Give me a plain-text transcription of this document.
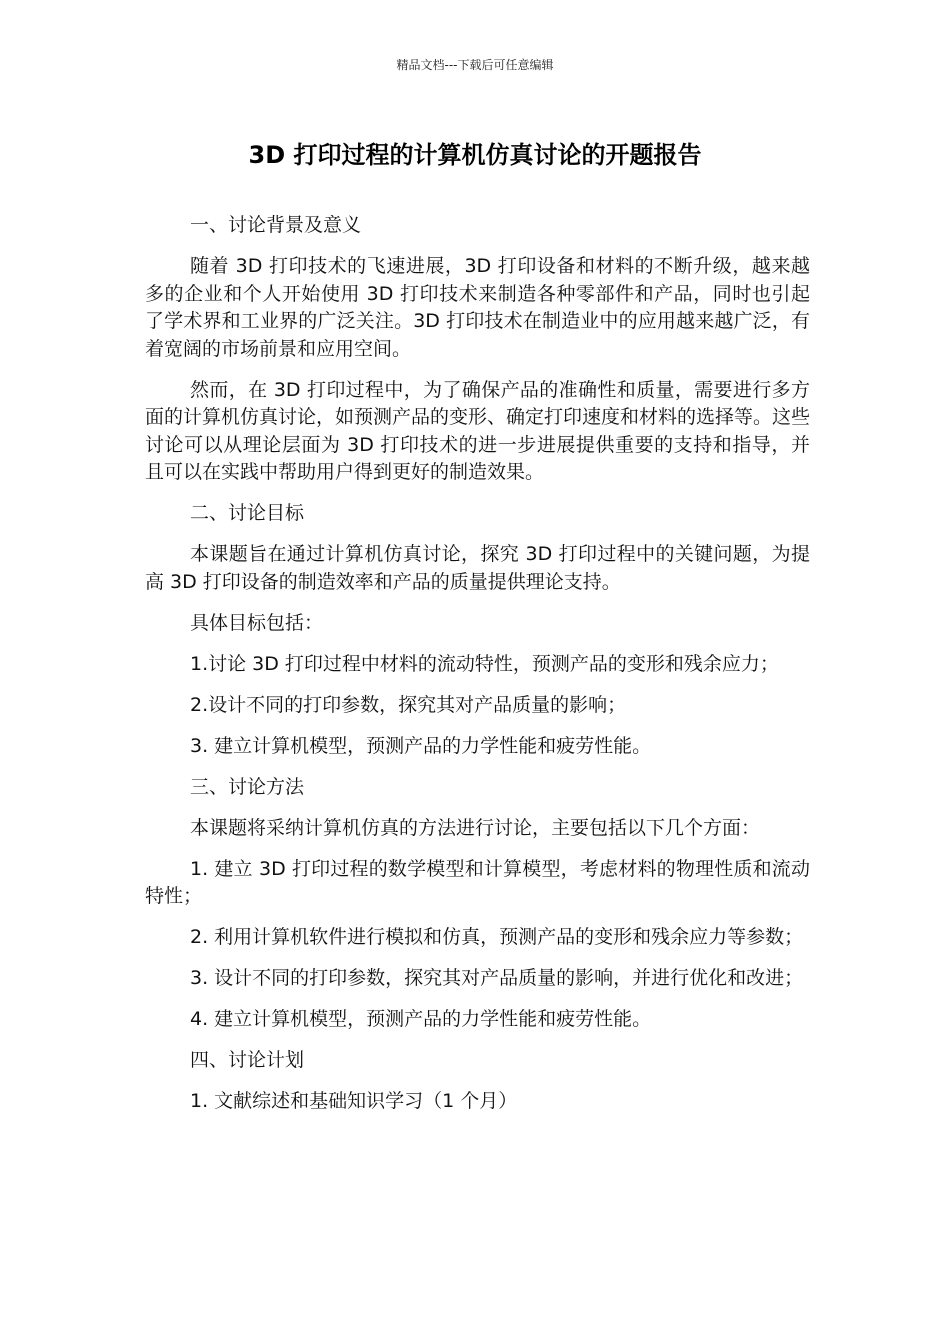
精品文档---下载后可任意编辑
3D 打印过程的计算机仿真讨论的开题报告

一、讨论背景及意义

随着 3D 打印技术的飞速进展，3D 打印设备和材料的不断升级，越来越多的企业和个人开始使用 3D 打印技术来制造各种零部件和产品，同时也引起了学术界和工业界的广泛关注。3D 打印技术在制造业中的应用越来越广泛，有着宽阔的市场前景和应用空间。

然而，在 3D 打印过程中，为了确保产品的准确性和质量，需要进行多方面的计算机仿真讨论，如预测产品的变形、确定打印速度和材料的选择等。这些讨论可以从理论层面为 3D 打印技术的进一步进展提供重要的支持和指导，并且可以在实践中帮助用户得到更好的制造效果。

二、讨论目标

本课题旨在通过计算机仿真讨论，探究 3D 打印过程中的关键问题，为提高 3D 打印设备的制造效率和产品的质量提供理论支持。

具体目标包括：

1.讨论 3D 打印过程中材料的流动特性，预测产品的变形和残余应力；

2.设计不同的打印参数，探究其对产品质量的影响；

3. 建立计算机模型，预测产品的力学性能和疲劳性能。

三、讨论方法

本课题将采纳计算机仿真的方法进行讨论，主要包括以下几个方面：

1. 建立 3D 打印过程的数学模型和计算模型，考虑材料的物理性质和流动特性；

2. 利用计算机软件进行模拟和仿真，预测产品的变形和残余应力等参数；

3. 设计不同的打印参数，探究其对产品质量的影响，并进行优化和改进；

4. 建立计算机模型，预测产品的力学性能和疲劳性能。

四、讨论计划

1. 文献综述和基础知识学习（1 个月）
